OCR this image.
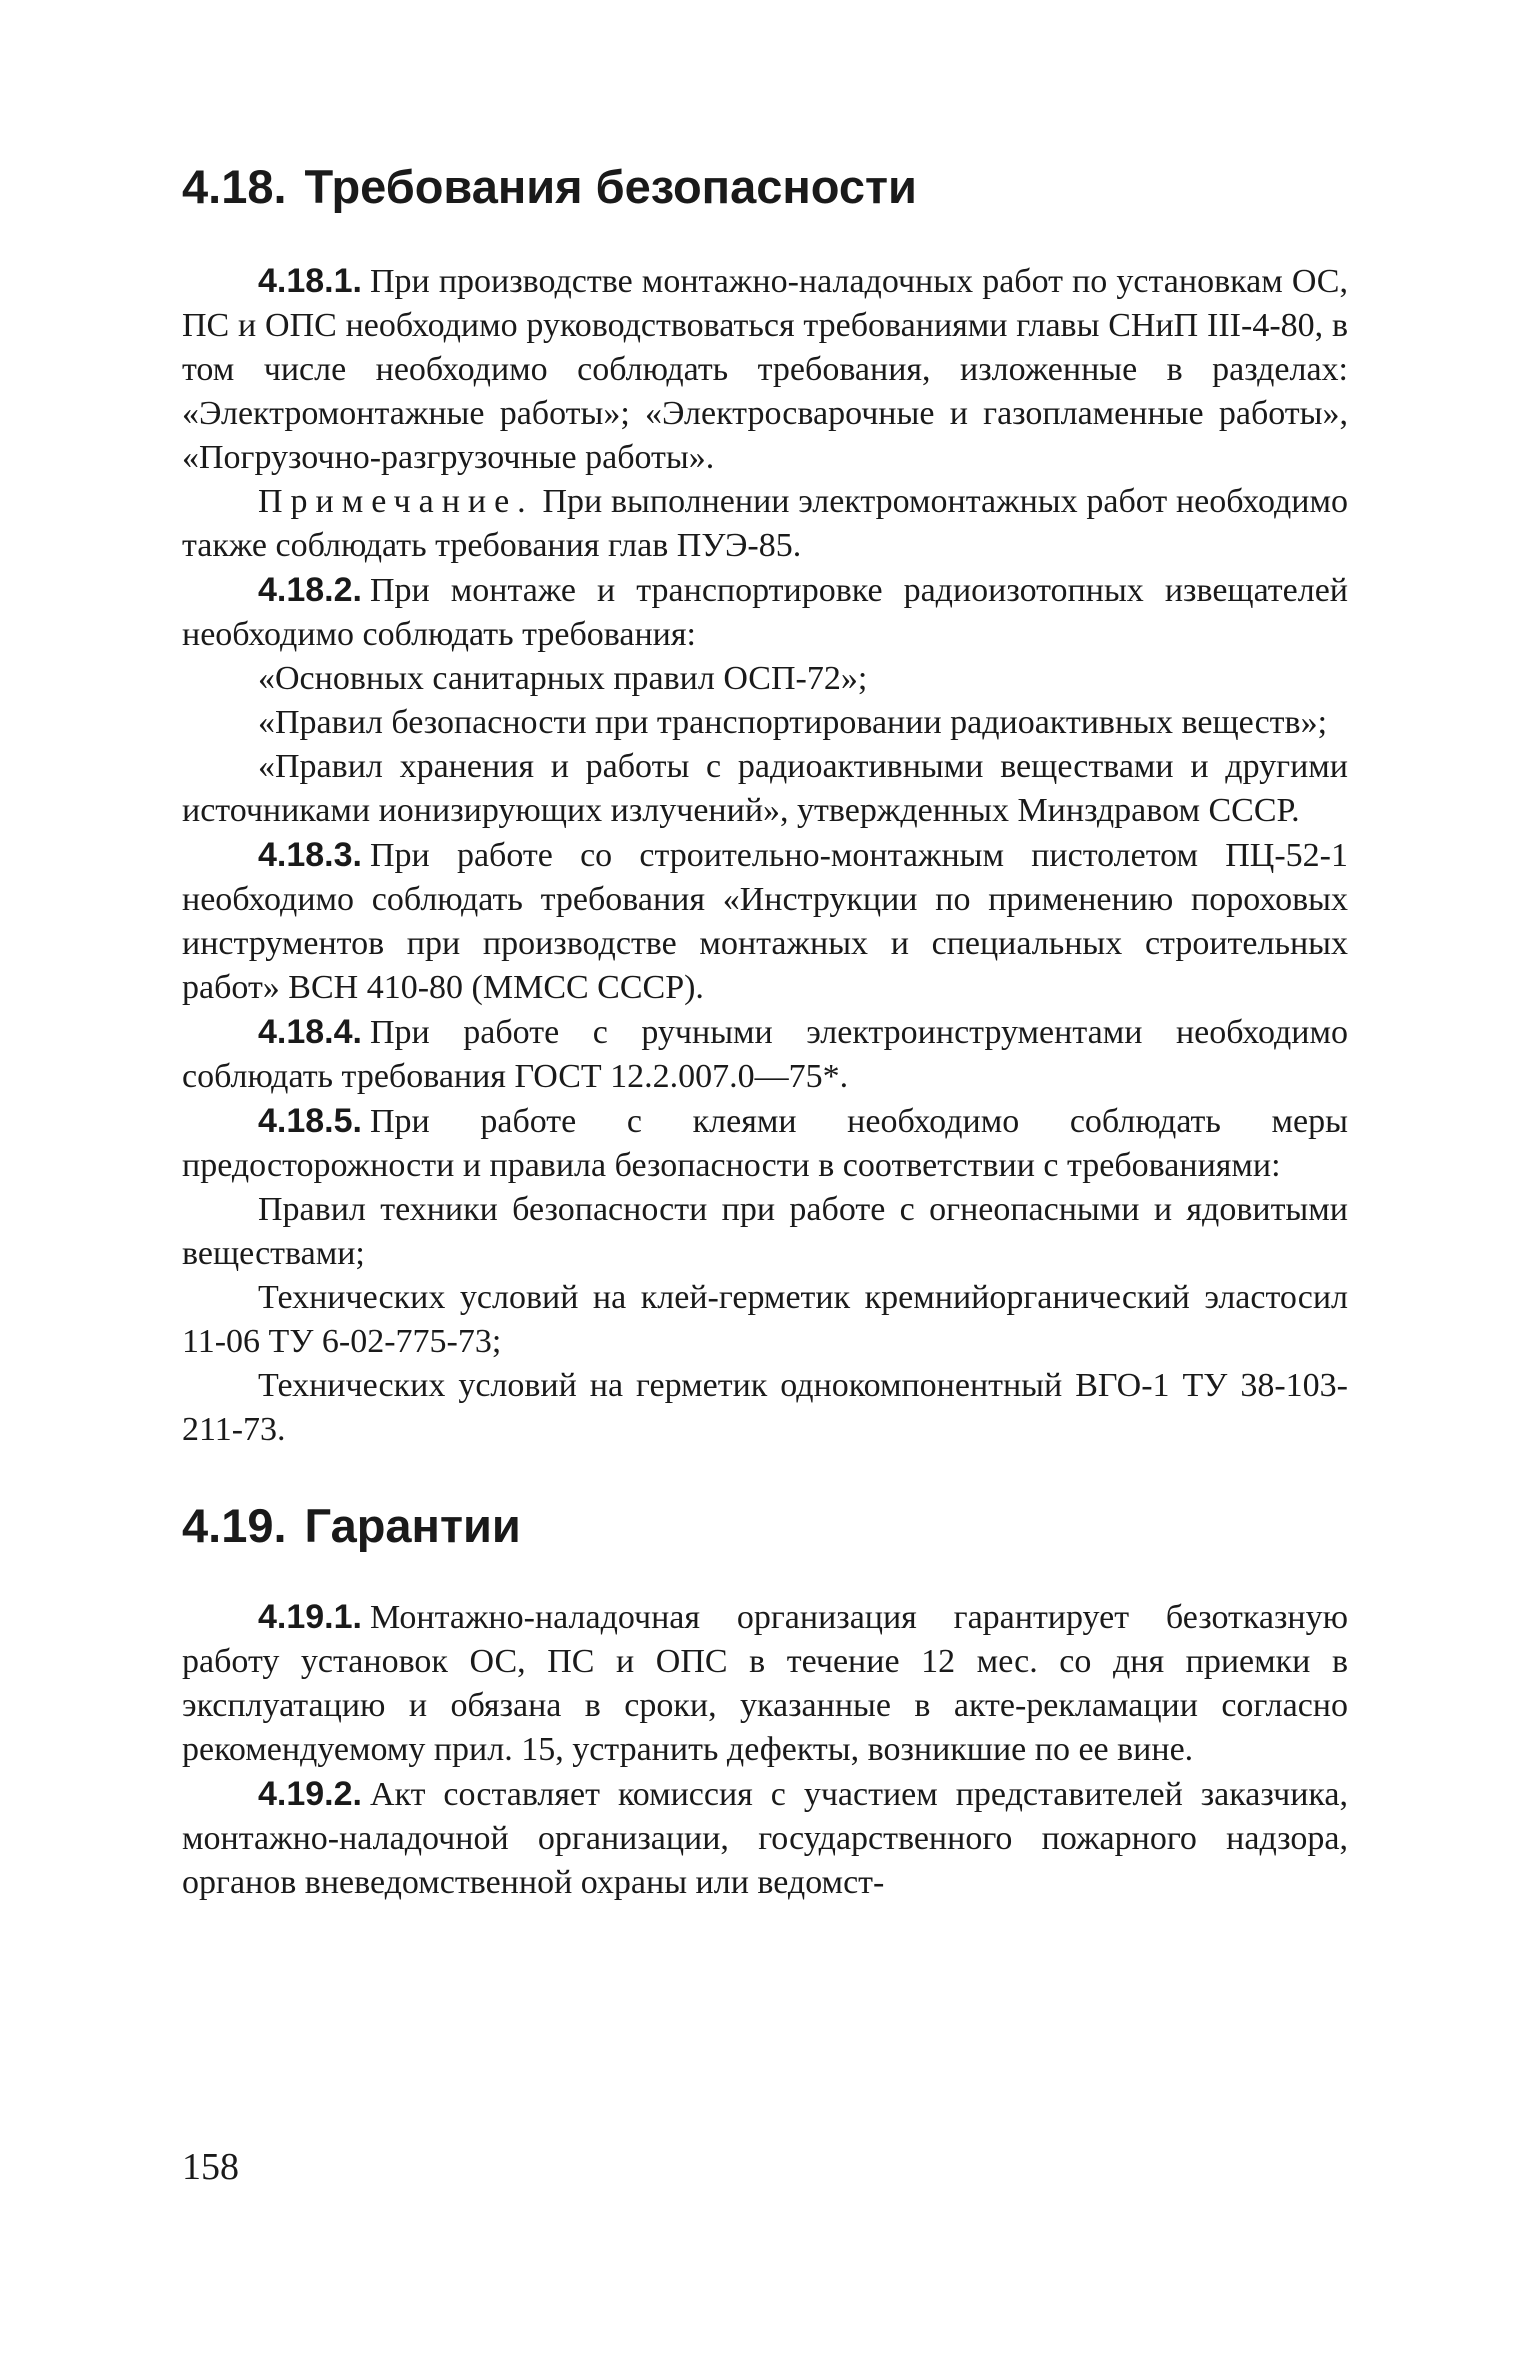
4.18. Требования безопасности

4.18.1. При производстве монтажно-наладочных работ по установкам ОС, ПС и ОПС необходимо руководствоваться требованиями главы СНиП III-4-80, в том числе необходимо соблюдать требования, изложенные в разделах: «Электромонтажные работы»; «Электросварочные и газопламенные работы», «Погрузочно-разгрузочные работы».

Примечание. При выполнении электромонтажных работ необходимо также соблюдать требования глав ПУЭ-85.

4.18.2. При монтаже и транспортировке радиоизотопных извещателей необходимо соблюдать требования:

«Основных санитарных правил ОСП-72»;

«Правил безопасности при транспортировании радиоактивных веществ»;

«Правил хранения и работы с радиоактивными веществами и другими источниками ионизирующих излучений», утвержденных Минздравом СССР.

4.18.3. При работе со строительно-монтажным пистолетом ПЦ-52-1 необходимо соблюдать требования «Инструкции по применению пороховых инструментов при производстве монтажных и специальных строительных работ» ВСН 410-80 (ММСС СССР).

4.18.4. При работе с ручными электроинструментами необходимо соблюдать требования ГОСТ 12.2.007.0—75*.

4.18.5. При работе с клеями необходимо соблюдать меры предосторожности и правила безопасности в соответствии с требованиями:

Правил техники безопасности при работе с огнеопасными и ядовитыми веществами;

Технических условий на клей-герметик кремнийорганический эластосил 11-06 ТУ 6-02-775-73;

Технических условий на герметик однокомпонентный ВГО-1 ТУ 38-103-211-73.

4.19. Гарантии

4.19.1. Монтажно-наладочная организация гарантирует безотказную работу установок ОС, ПС и ОПС в течение 12 мес. со дня приемки в эксплуатацию и обязана в сроки, указанные в акте-рекламации согласно рекомендуемому прил. 15, устранить дефекты, возникшие по ее вине.

4.19.2. Акт составляет комиссия с участием представителей заказчика, монтажно-наладочной организации, государственного пожарного надзора, органов вневедомственной охраны или ведомст-

158
